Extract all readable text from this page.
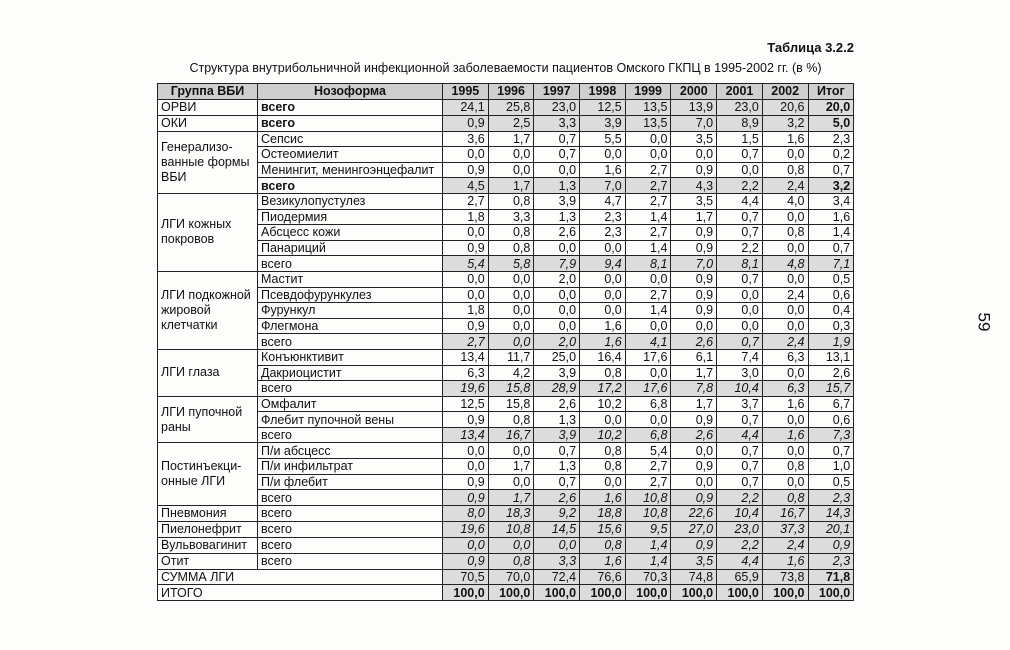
Таблица 3.2.2
Структура внутрибольничной инфекционной заболеваемости пациентов Омского ГКПЦ в 1995-2002 гг. (в %)
59
Группа ВБИ	Нозоформа	1995	1996	1997	1998	1999	2000	2001	2002	Итог
ОРВИ	всего	24,1	25,8	23,0	12,5	13,5	13,9	23,0	20,6	20,0
ОКИ	всего	0,9	2,5	3,3	3,9	13,5	7,0	8,9	3,2	5,0
Генерализо-ванные формы ВБИ	Сепсис	3,6	1,7	0,7	5,5	0,0	3,5	1,5	1,6	2,3
	Остеомиелит	0,0	0,0	0,7	0,0	0,0	0,0	0,7	0,0	0,2
	Менингит, менингоэнцефалит	0,9	0,0	0,0	1,6	2,7	0,9	0,0	0,8	0,7
	всего	4,5	1,7	1,3	7,0	2,7	4,3	2,2	2,4	3,2
ЛГИ кожных покровов	Везикулопустулез	2,7	0,8	3,9	4,7	2,7	3,5	4,4	4,0	3,4
	Пиодермия	1,8	3,3	1,3	2,3	1,4	1,7	0,7	0,0	1,6
	Абсцесс кожи	0,0	0,8	2,6	2,3	2,7	0,9	0,7	0,8	1,4
	Панариций	0,9	0,8	0,0	0,0	1,4	0,9	2,2	0,0	0,7
	всего	5,4	5,8	7,9	9,4	8,1	7,0	8,1	4,8	7,1
ЛГИ подкожной жировой клетчатки	Мастит	0,0	0,0	2,0	0,0	0,0	0,9	0,7	0,0	0,5
	Псевдофурункулез	0,0	0,0	0,0	0,0	2,7	0,9	0,0	2,4	0,6
	Фурункул	1,8	0,0	0,0	0,0	1,4	0,9	0,0	0,0	0,4
	Флегмона	0,9	0,0	0,0	1,6	0,0	0,0	0,0	0,0	0,3
	всего	2,7	0,0	2,0	1,6	4,1	2,6	0,7	2,4	1,9
ЛГИ глаза	Конъюнктивит	13,4	11,7	25,0	16,4	17,6	6,1	7,4	6,3	13,1
	Дакриоцистит	6,3	4,2	3,9	0,8	0,0	1,7	3,0	0,0	2,6
	всего	19,6	15,8	28,9	17,2	17,6	7,8	10,4	6,3	15,7
ЛГИ пупочной раны	Омфалит	12,5	15,8	2,6	10,2	6,8	1,7	3,7	1,6	6,7
	Флебит пупочной вены	0,9	0,8	1,3	0,0	0,0	0,9	0,7	0,0	0,6
	всего	13,4	16,7	3,9	10,2	6,8	2,6	4,4	1,6	7,3
Постинъекци-онные ЛГИ	П/и абсцесс	0,0	0,0	0,7	0,8	5,4	0,0	0,7	0,0	0,7
	П/и инфильтрат	0,0	1,7	1,3	0,8	2,7	0,9	0,7	0,8	1,0
	П/и флебит	0,9	0,0	0,7	0,0	2,7	0,0	0,7	0,0	0,5
	всего	0,9	1,7	2,6	1,6	10,8	0,9	2,2	0,8	2,3
Пневмония	всего	8,0	18,3	9,2	18,8	10,8	22,6	10,4	16,7	14,3
Пиелонефрит	всего	19,6	10,8	14,5	15,6	9,5	27,0	23,0	37,3	20,1
Вульвовагинит	всего	0,0	0,0	0,0	0,8	1,4	0,9	2,2	2,4	0,9
Отит	всего	0,9	0,8	3,3	1,6	1,4	3,5	4,4	1,6	2,3
СУММА ЛГИ		70,5	70,0	72,4	76,6	70,3	74,8	65,9	73,8	71,8
ИТОГО		100,0	100,0	100,0	100,0	100,0	100,0	100,0	100,0	100,0
